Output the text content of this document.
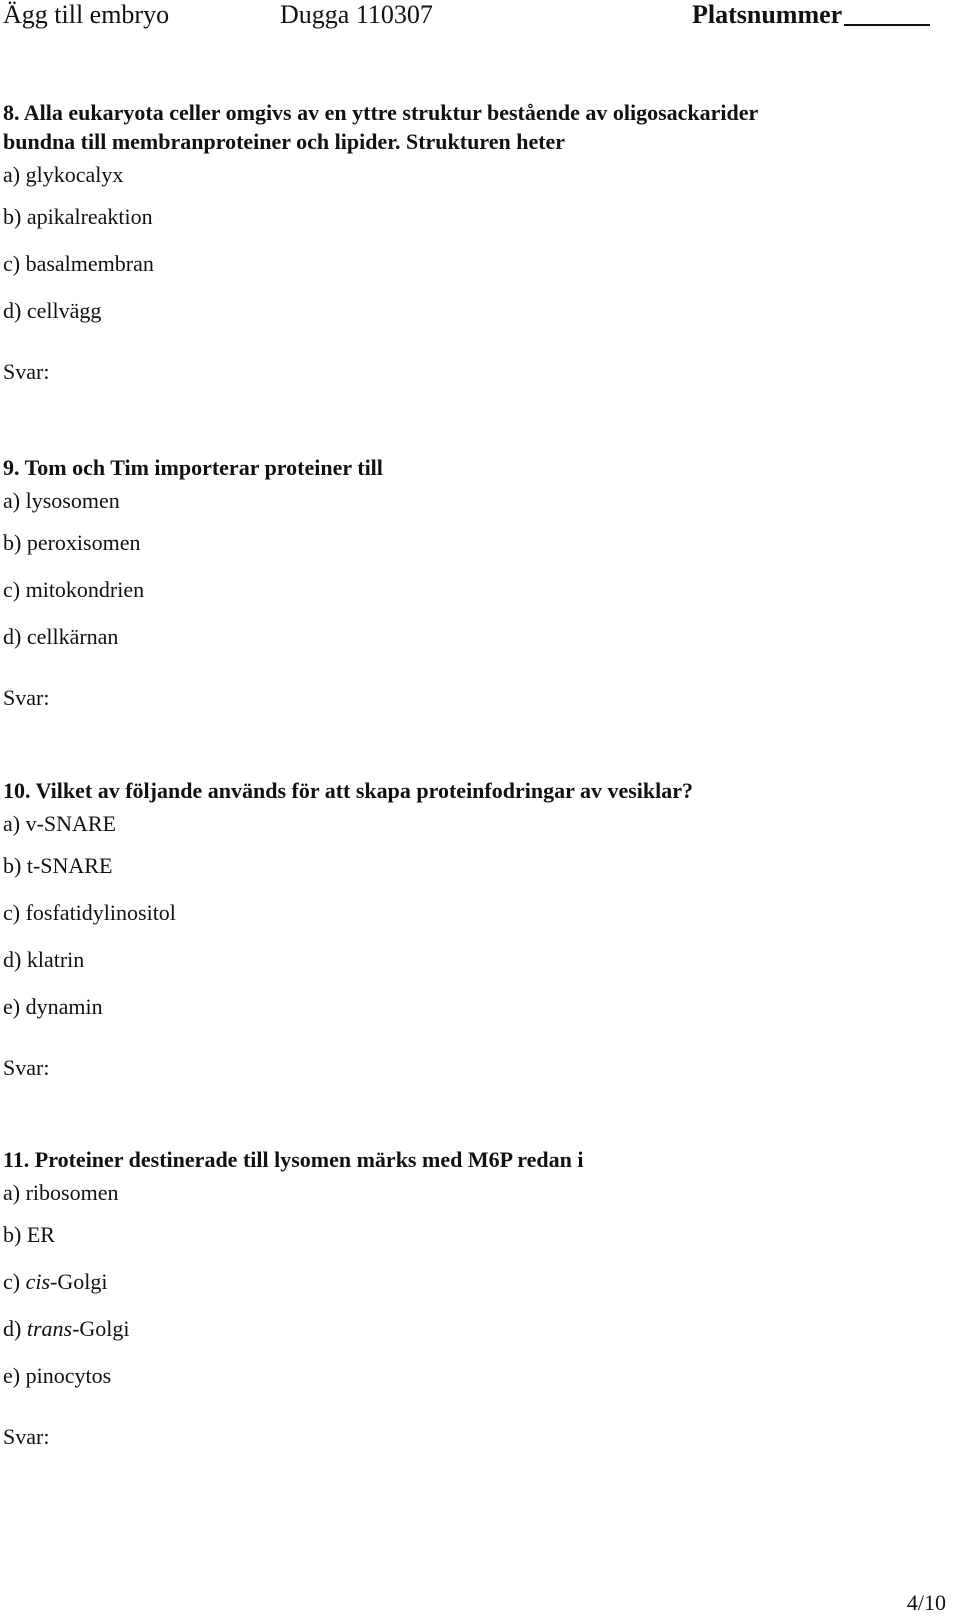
Ägg till embryo	Dugga 110307	Platsnummer
8. Alla eukaryota celler omgivs av en yttre struktur bestående av oligosackarider
bundna till membranproteiner och lipider. Strukturen heter
a) glykocalyx
b) apikalreaktion
c) basalmembran
d) cellvägg
Svar:
9. Tom och Tim importerar proteiner till
a) lysosomen
b) peroxisomen
c) mitokondrien
d) cellkärnan
Svar:
10. Vilket av följande används för att skapa proteinfodringar av vesiklar?
a) v-SNARE
b) t-SNARE
c) fosfatidylinositol
d) klatrin
e) dynamin
Svar:
11. Proteiner destinerade till lysomen märks med M6P redan i
a) ribosomen
b) ER
c) cis-Golgi
d) trans-Golgi
e) pinocytos
Svar:
4/10
